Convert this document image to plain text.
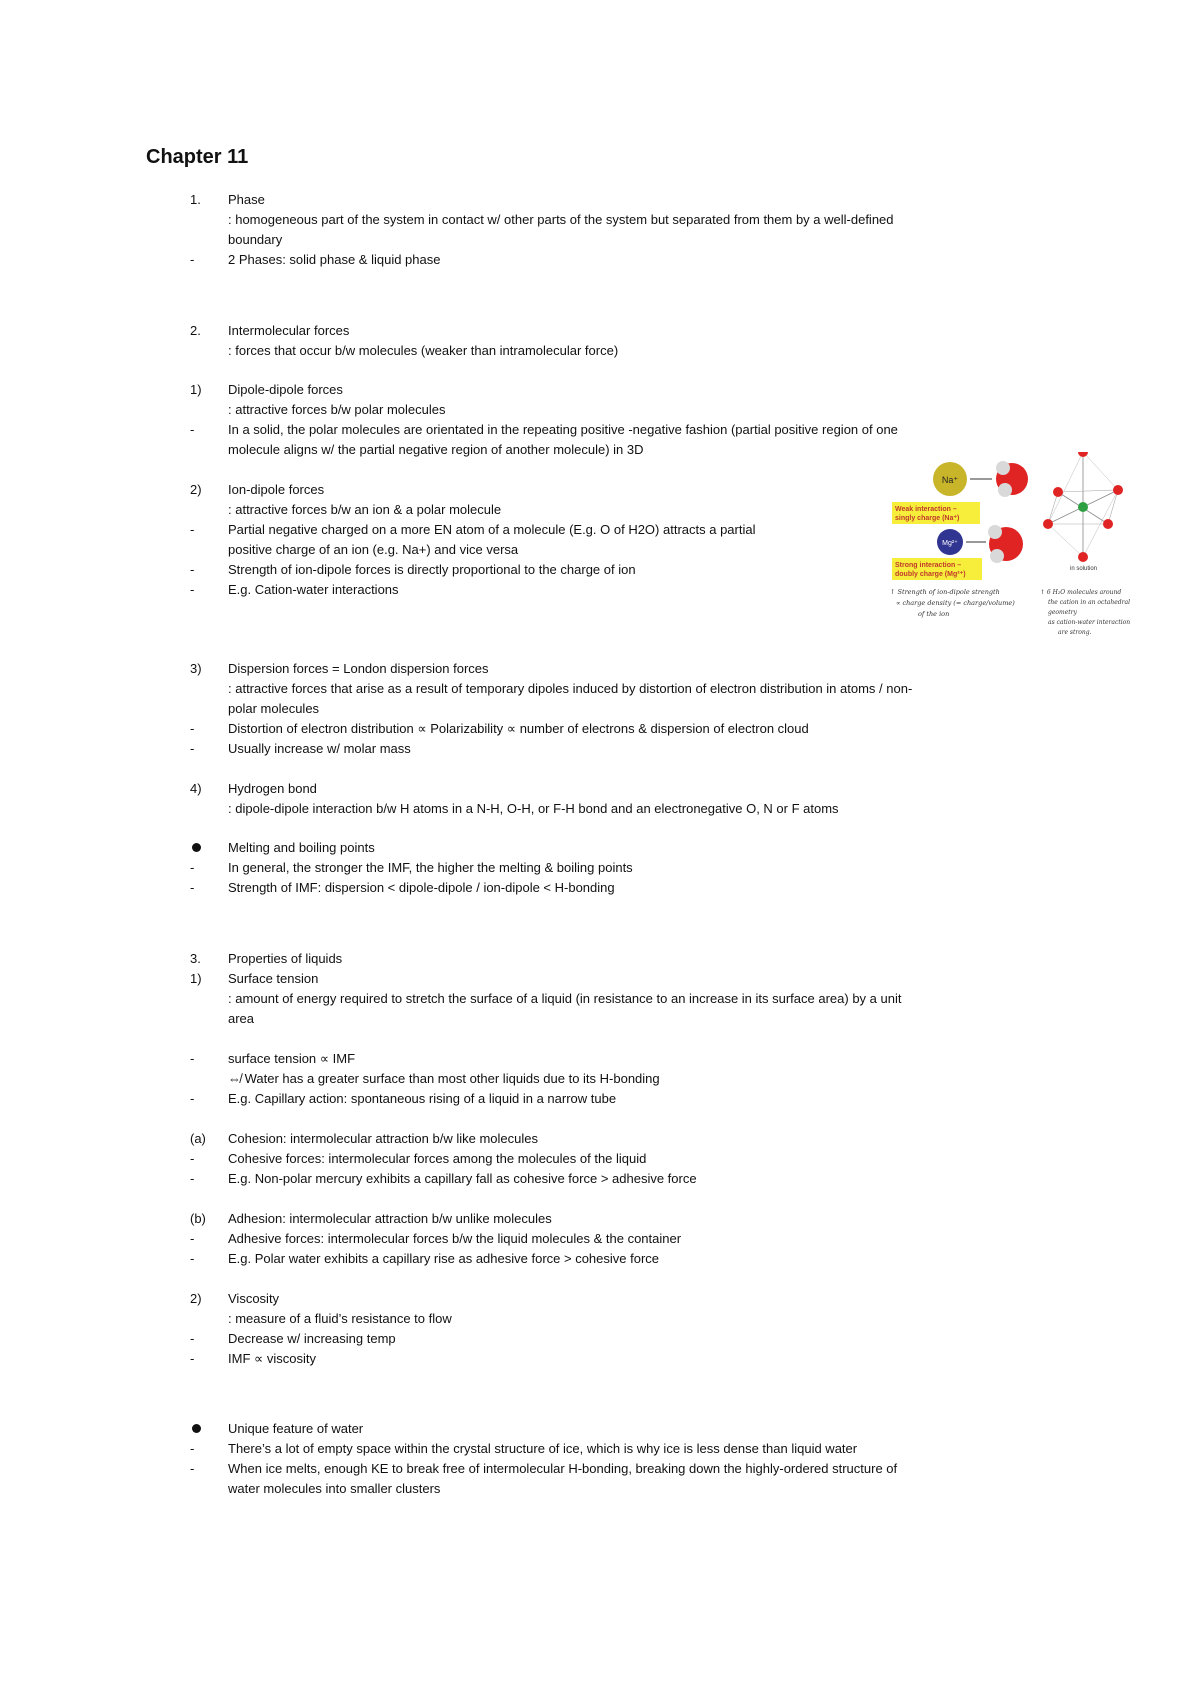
Chapter 11
1.	Phase
: homogeneous part of the system in contact w/ other parts of the system but separated from them by a well-defined
boundary
-	2 Phases: solid phase & liquid phase
2.	Intermolecular forces
: forces that occur b/w molecules (weaker than intramolecular force)
1)	Dipole-dipole forces
: attractive forces b/w polar molecules
-	In a solid, the polar molecules are orientated in the repeating positive -negative fashion (partial positive region of one
molecule aligns w/ the partial negative region of another molecule) in 3D
2)	Ion-dipole forces
: attractive forces b/w an ion & a polar molecule
-	Partial negative charged on a more EN atom of a molecule (E.g. O of H2O) attracts a partial
positive charge of an ion (e.g. Na+) and vice versa
-	Strength of ion-dipole forces is directly proportional to the charge of ion
-	E.g. Cation-water interactions
3)	Dispersion forces = London dispersion forces
: attractive forces that arise as a result of temporary dipoles induced by distortion of electron distribution in atoms / non-
polar molecules
-	Distortion of electron distribution ∝ Polarizability ∝ number of electrons & dispersion of electron cloud
-	Usually increase w/ molar mass
4)	Hydrogen bond
: dipole-dipole interaction b/w H atoms in a N-H, O-H, or F-H bond and an electronegative O, N or F atoms
Melting and boiling points
-	In general, the stronger the IMF, the higher the melting & boiling points
-	Strength of IMF: dispersion < dipole-dipole / ion-dipole < H-bonding
3.	Properties of liquids
1)	Surface tension
: amount of energy required to stretch the surface of a liquid (in resistance to an increase in its surface area) by a unit
area
-	surface tension ∝ IMF
⇎ Water has a greater surface than most other liquids due to its H-bonding
-	E.g. Capillary action: spontaneous rising of a liquid in a narrow tube
(a)	Cohesion: intermolecular attraction b/w like molecules
-	Cohesive forces: intermolecular forces among the molecules of the liquid
-	E.g. Non-polar mercury exhibits a capillary fall as cohesive force > adhesive force
(b)	Adhesion: intermolecular attraction b/w unlike molecules
-	Adhesive forces: intermolecular forces b/w the liquid molecules & the container
-	E.g. Polar water exhibits a capillary rise as adhesive force > cohesive force
2)	Viscosity
: measure of a fluid’s resistance to flow
-	Decrease w/ increasing temp
-	IMF ∝ viscosity
Unique feature of water
-	There’s a lot of empty space within the crystal structure of ice, which is why ice is less dense than liquid water
-	When ice melts, enough KE to break free of intermolecular H-bonding, breaking down the highly-ordered structure of
water molecules into smaller clusters
Na⁺
Weak interaction –
singly charge (Na⁺)
Mg²⁺
Strong interaction –
doubly charge (Mg²⁺)
in solution
↑ Strength of ion-dipole strength
∝ charge density (= charge/volume)
of the ion
↑ 6 H₂O molecules around
the cation in an octahedral
geometry
as cation-water interaction
are strong.
